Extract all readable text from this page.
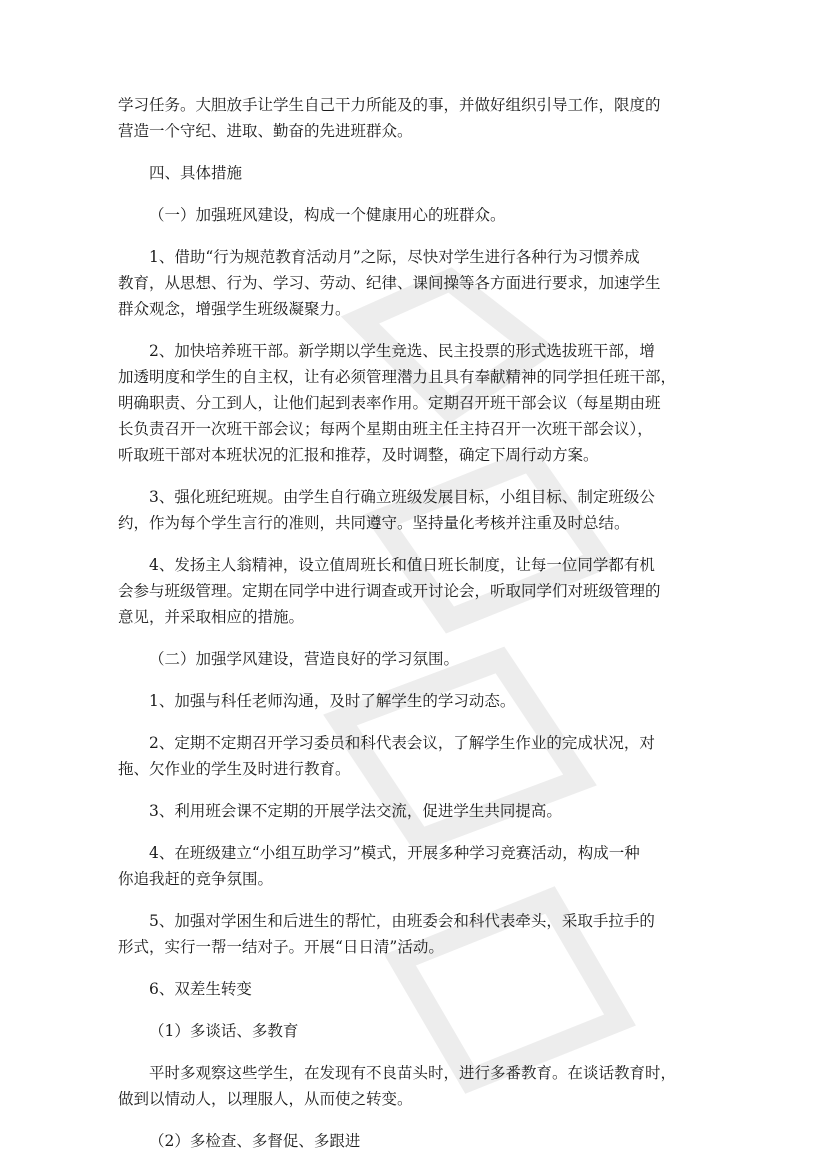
学习任务。大胆放手让学生自己干力所能及的事，并做好组织引导工作，限度的
营造一个守纪、进取、勤奋的先进班群众。

四、具体措施

（一）加强班风建设，构成一个健康用心的班群众。

1、借助“行为规范教育活动月”之际，尽快对学生进行各种行为习惯养成
教育，从思想、行为、学习、劳动、纪律、课间操等各方面进行要求，加速学生
群众观念，增强学生班级凝聚力。

2、加快培养班干部。新学期以学生竞选、民主投票的形式选拔班干部，增
加透明度和学生的自主权，让有必须管理潜力且具有奉献精神的同学担任班干部，
明确职责、分工到人，让他们起到表率作用。定期召开班干部会议（每星期由班
长负责召开一次班干部会议；每两个星期由班主任主持召开一次班干部会议），
听取班干部对本班状况的汇报和推荐，及时调整，确定下周行动方案。

3、强化班纪班规。由学生自行确立班级发展目标，小组目标、制定班级公
约，作为每个学生言行的准则，共同遵守。坚持量化考核并注重及时总结。

4、发扬主人翁精神，设立值周班长和值日班长制度，让每一位同学都有机
会参与班级管理。定期在同学中进行调查或开讨论会，听取同学们对班级管理的
意见，并采取相应的措施。

（二）加强学风建设，营造良好的学习氛围。

1、加强与科任老师沟通，及时了解学生的学习动态。

2、定期不定期召开学习委员和科代表会议，了解学生作业的完成状况，对
拖、欠作业的学生及时进行教育。

3、利用班会课不定期的开展学法交流，促进学生共同提高。

4、在班级建立“小组互助学习”模式，开展多种学习竞赛活动，构成一种
你追我赶的竞争氛围。

5、加强对学困生和后进生的帮忙，由班委会和科代表牵头，采取手拉手的
形式，实行一帮一结对子。开展“日日清”活动。

6、双差生转变

（1）多谈话、多教育

平时多观察这些学生，在发现有不良苗头时，进行多番教育。在谈话教育时，
做到以情动人，以理服人，从而使之转变。

（2）多检查、多督促、多跟进
